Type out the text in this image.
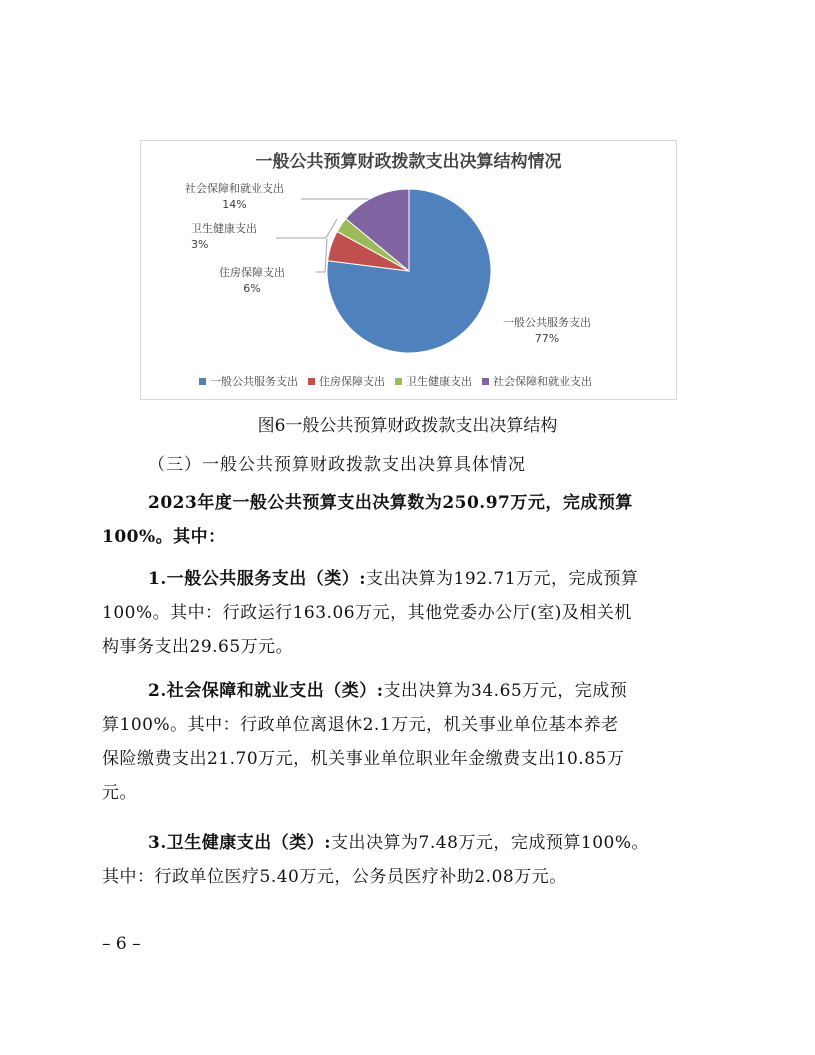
一般公共预算财政拨款支出决算结构情况
社会保障和就业支出
14%
卫生健康支出
3%
住房保障支出
6%
一般公共服务支出
77%
一般公共服务支出 住房保障支出 卫生健康支出 社会保障和就业支出
图6一般公共预算财政拨款支出决算结构
（三）一般公共预算财政拨款支出决算具体情况
2023年度一般公共预算支出决算数为250.97万元，完成预算
100%。其中：
1.一般公共服务支出（类）:支出决算为192.71万元，完成预算
100%。其中：行政运行163.06万元，其他党委办公厅(室)及相关机
构事务支出29.65万元。
2.社会保障和就业支出（类）:支出决算为34.65万元，完成预
算100%。其中：行政单位离退休2.1万元，机关事业单位基本养老
保险缴费支出21.70万元，机关事业单位职业年金缴费支出10.85万
元。
3.卫生健康支出（类）:支出决算为7.48万元，完成预算100%。
其中：行政单位医疗5.40万元，公务员医疗补助2.08万元。
– 6 –
